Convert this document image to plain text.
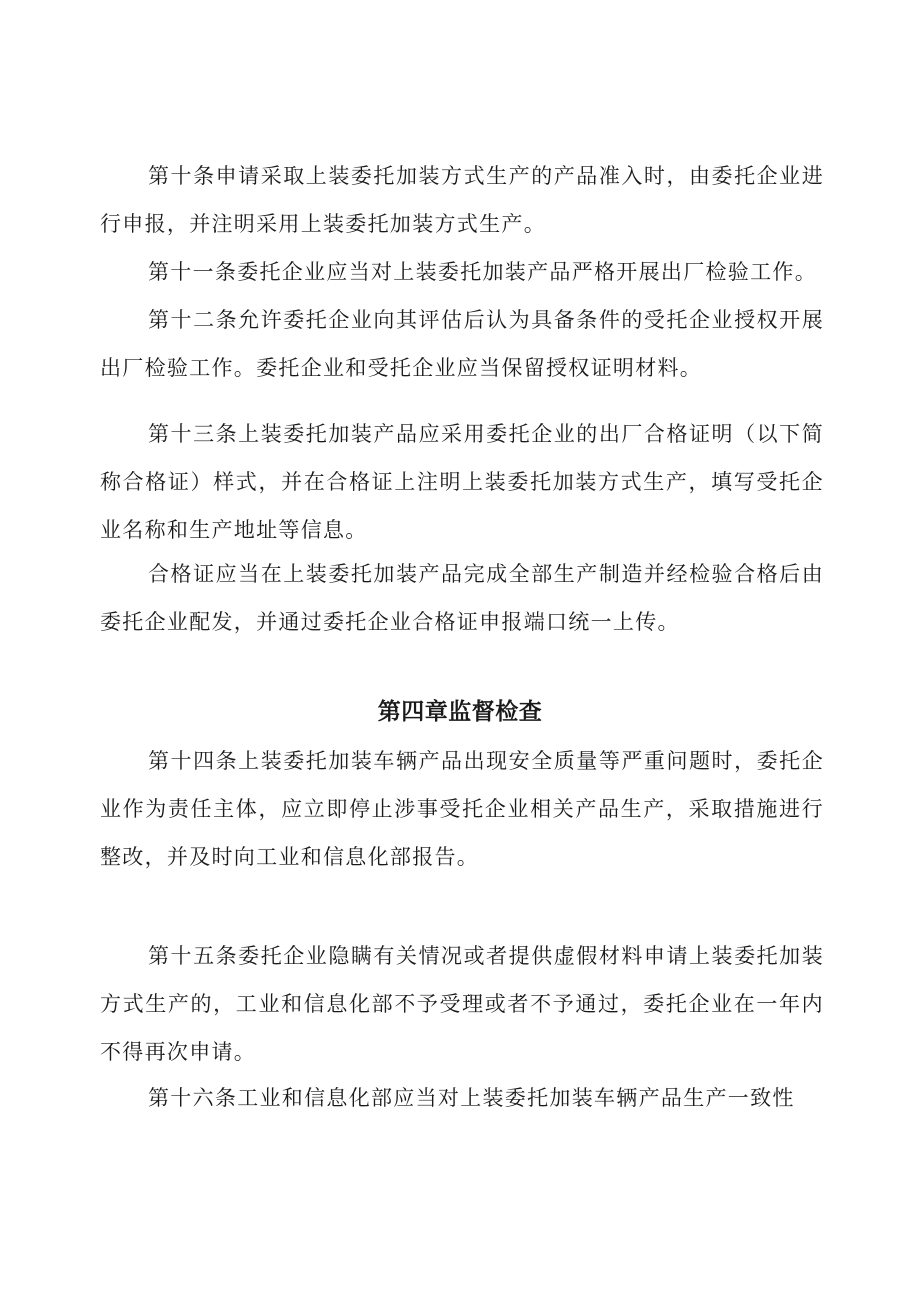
第十条申请采取上装委托加装方式生产的产品准入时，由委托企业进行申报，并注明采用上装委托加装方式生产。

第十一条委托企业应当对上装委托加装产品严格开展出厂检验工作。

第十二条允许委托企业向其评估后认为具备条件的受托企业授权开展出厂检验工作。委托企业和受托企业应当保留授权证明材料。

第十三条上装委托加装产品应采用委托企业的出厂合格证明（以下简称合格证）样式，并在合格证上注明上装委托加装方式生产，填写受托企业名称和生产地址等信息。

合格证应当在上装委托加装产品完成全部生产制造并经检验合格后由委托企业配发，并通过委托企业合格证申报端口统一上传。

第四章监督检查

第十四条上装委托加装车辆产品出现安全质量等严重问题时，委托企业作为责任主体，应立即停止涉事受托企业相关产品生产，采取措施进行整改，并及时向工业和信息化部报告。

第十五条委托企业隐瞒有关情况或者提供虚假材料申请上装委托加装方式生产的，工业和信息化部不予受理或者不予通过，委托企业在一年内不得再次申请。

第十六条工业和信息化部应当对上装委托加装车辆产品生产一致性
